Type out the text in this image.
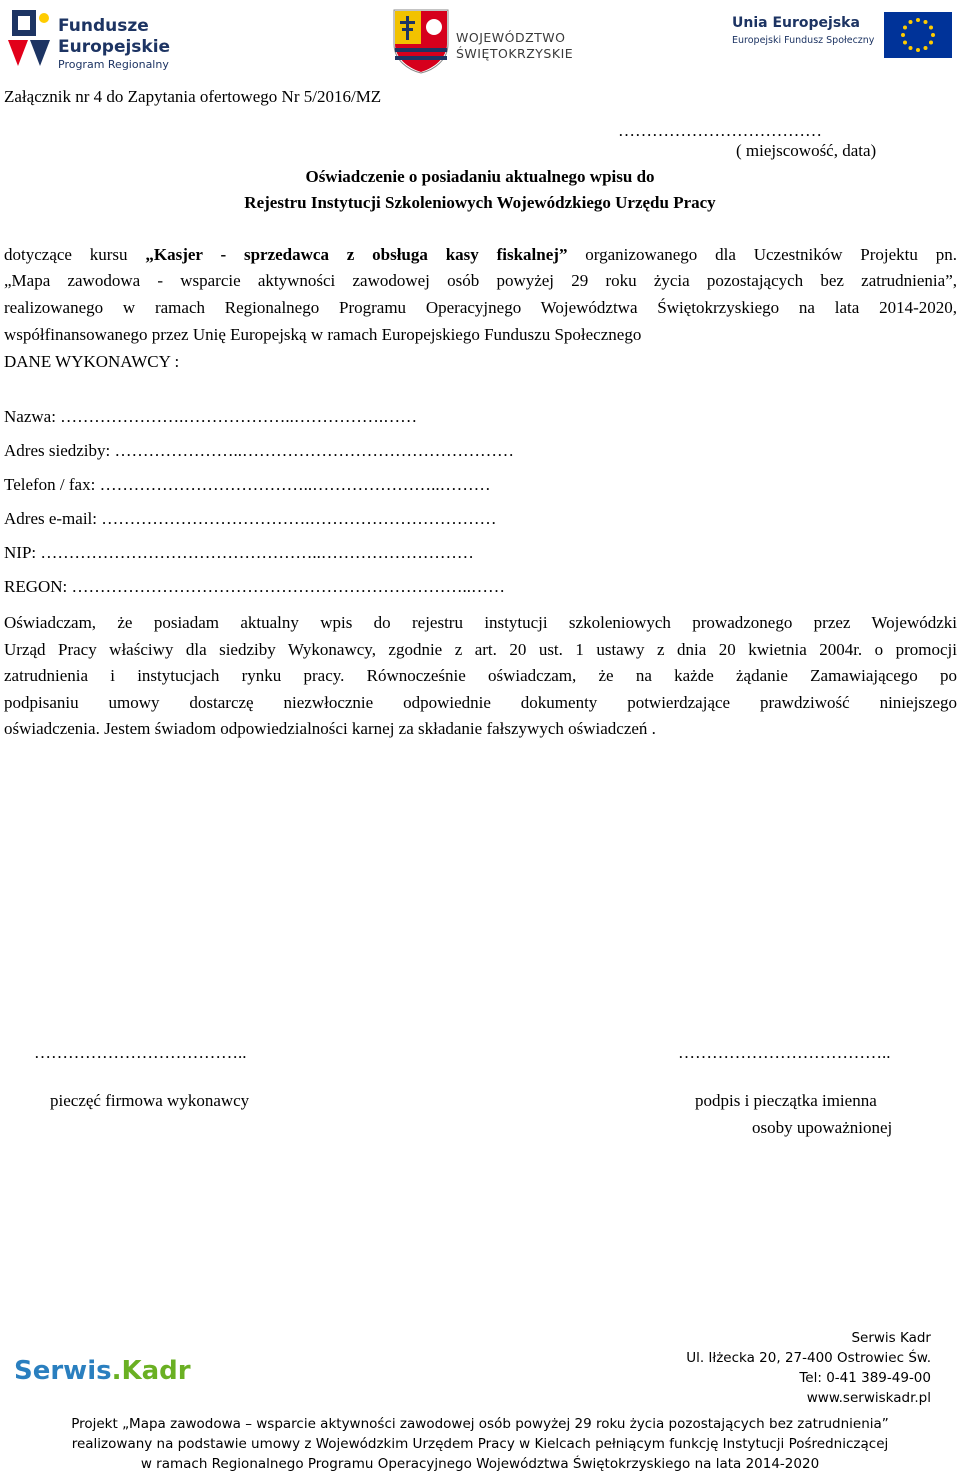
Fundusze
Europejskie
Program Regionalny
WOJEWÓDZTWO
ŚWIĘTOKRZYSKIE
Unia Europejska
Europejski Fundusz Społeczny
Załącznik nr 4 do Zapytania ofertowego Nr 5/2016/MZ
………………………………
( miejscowość, data)
Oświadczenie o posiadaniu aktualnego wpisu do
Rejestru Instytucji Szkoleniowych Wojewódzkiego Urzędu Pracy
dotyczące kursu „Kasjer - sprzedawca z obsługa kasy fiskalnej” organizowanego dla Uczestników Projektu pn.
„Mapa zawodowa - wsparcie aktywności zawodowej osób powyżej 29 roku życia pozostających bez zatrudnienia”,
realizowanego w ramach Regionalnego Programu Operacyjnego Województwa Świętokrzyskiego na lata 2014-2020,
współfinansowanego przez Unię Europejską w ramach Europejskiego Funduszu Społecznego
DANE WYKONAWCY :
Nazwa: ………………….………………..…………….……
Adres siedziby: …………………..…………………………………………
Telefon / fax: ………………………………..…………………..………
Adres e-mail: ……………………………….……………………………
NIP: …………………………………………..………………………
REGON: ……………………………………………………………..……
Oświadczam, że posiadam aktualny wpis do rejestru instytucji szkoleniowych prowadzonego przez Wojewódzki
Urząd Pracy właściwy dla siedziby Wykonawcy, zgodnie z art. 20 ust. 1 ustawy z dnia 20 kwietnia 2004r. o promocji
zatrudnienia i instytucjach rynku pracy. Równocześnie oświadczam, że na każde żądanie Zamawiającego po
podpisaniu umowy dostarczę niezwłocznie odpowiednie dokumenty potwierdzające prawdziwość niniejszego
oświadczenia. Jestem świadom odpowiedzialności karnej za składanie fałszywych oświadczeń .
………………………………..
pieczęć firmowa wykonawcy
………………………………..
podpis i pieczątka imienna
osoby upoważnionej
Serwis.Kadr
Serwis Kadr
Ul. Iłżecka 20, 27-400 Ostrowiec Św.
Tel: 0-41 389-49-00
www.serwiskadr.pl
Projekt „Mapa zawodowa – wsparcie aktywności zawodowej osób powyżej 29 roku życia pozostających bez zatrudnienia”
realizowany na podstawie umowy z Wojewódzkim Urzędem Pracy w Kielcach pełniącym funkcję Instytucji Pośredniczącej
w ramach Regionalnego Programu Operacyjnego Województwa Świętokrzyskiego na lata 2014-2020
